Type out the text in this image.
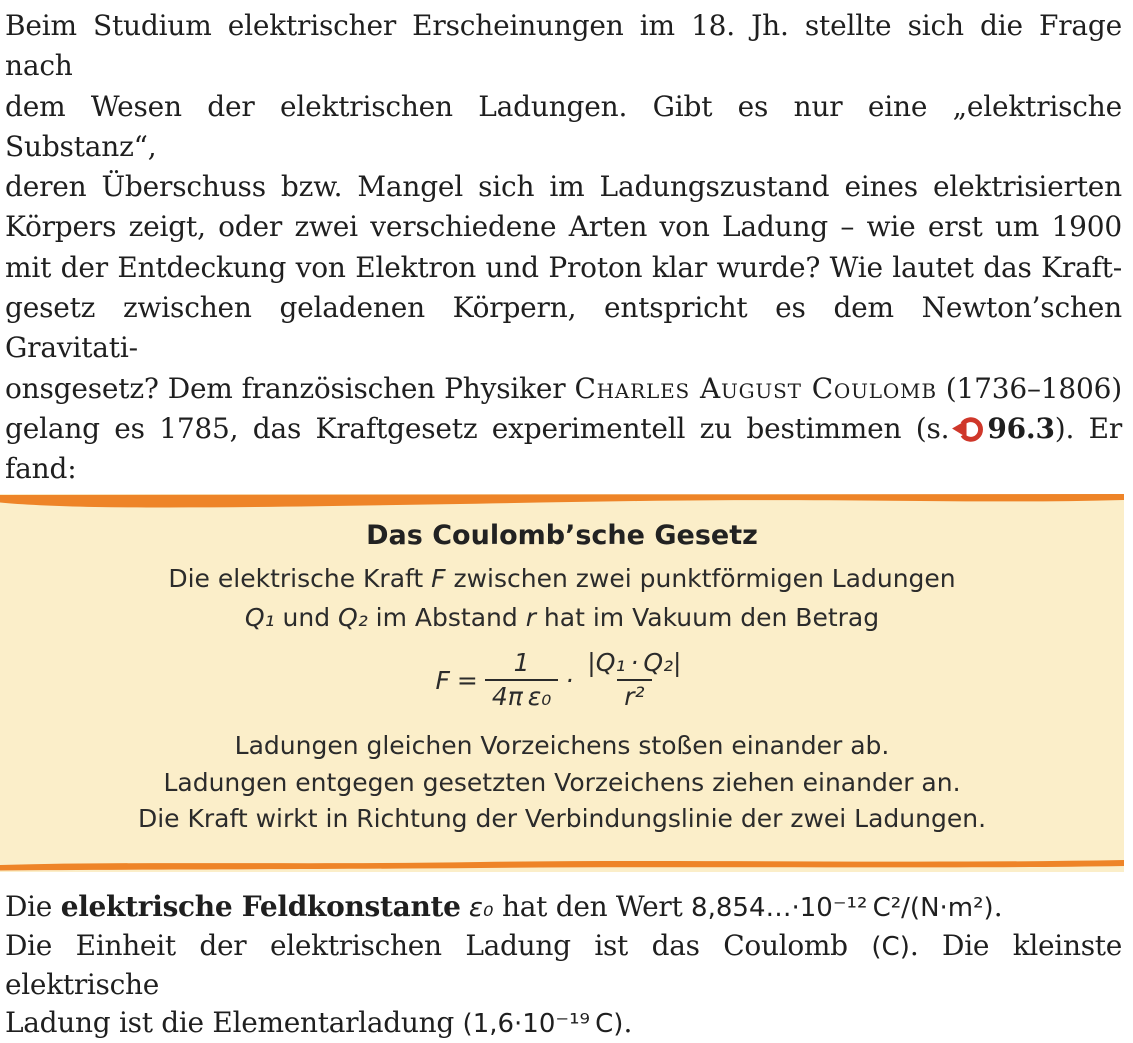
Beim Studium elektrischer Erscheinungen im 18. Jh. stellte sich die Frage nach
dem Wesen der elektrischen Ladungen. Gibt es nur eine „elektrische Substanz“,
deren Überschuss bzw. Mangel sich im Ladungszustand eines elektrisierten
Körpers zeigt, oder zwei verschiedene Arten von Ladung – wie erst um 1900
mit der Entdeckung von Elektron und Proton klar wurde? Wie lautet das Kraft-
gesetz zwischen geladenen Körpern, entspricht es dem Newton’schen Gravitati-
onsgesetz? Dem französischen Physiker Charles August Coulomb (1736–1806)
gelang es 1785, das Kraftgesetz experimentell zu bestimmen (s. 96.3). Er
fand:
Das Coulomb’sche Gesetz
Die elektrische Kraft F zwischen zwei punktförmigen Ladungen
Q₁ und Q₂ im Abstand r hat im Vakuum den Betrag
$F = \frac{1}{\text{4π ε₀}} \cdot \frac{\text{|Q₁ · Q₂|}}{\text{r²}}$
Ladungen gleichen Vorzeichens stoßen einander ab.
Ladungen entgegen gesetzten Vorzeichens ziehen einander an.
Die Kraft wirkt in Richtung der Verbindungslinie der zwei Ladungen.
Die elektrische Feldkonstante ε₀ hat den Wert 8,854…·10⁻¹² C²/(N·m²).
Die Einheit der elektrischen Ladung ist das Coulomb (C). Die kleinste elektrische
Ladung ist die Elementarladung (1,6·10⁻¹⁹ C).
